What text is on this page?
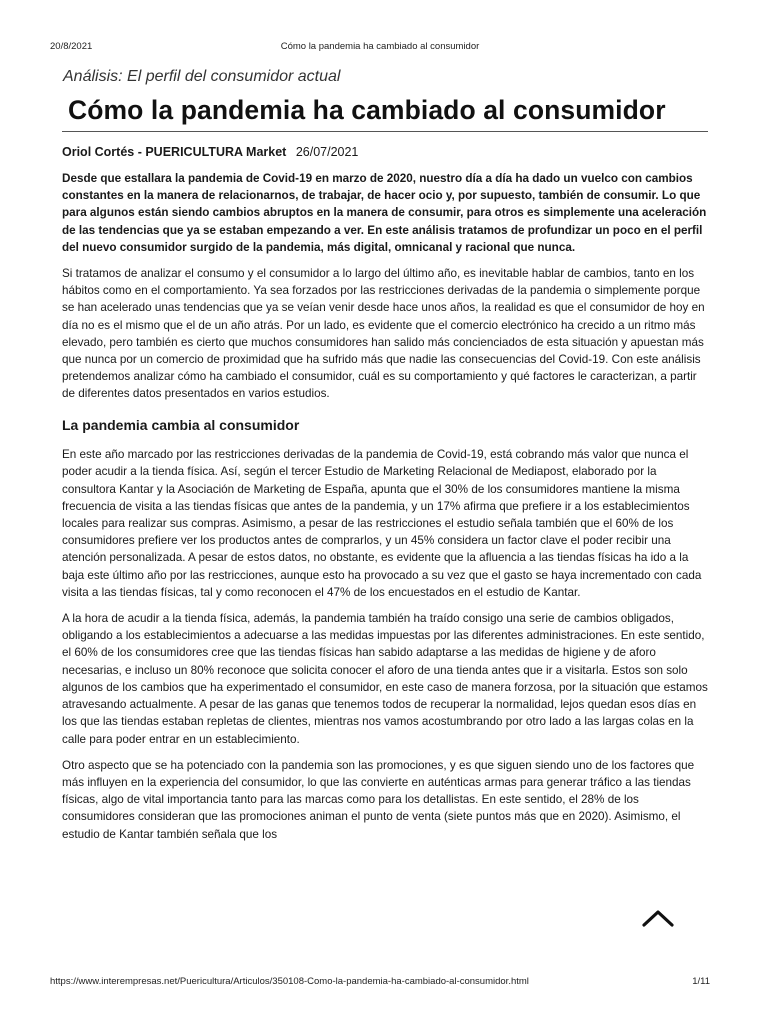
20/8/2021	Cómo la pandemia ha cambiado al consumidor

Análisis: El perfil del consumidor actual

Cómo la pandemia ha cambiado al consumidor
Oriol Cortés - PUERICULTURA Market 26/07/2021
Desde que estallara la pandemia de Covid-19 en marzo de 2020, nuestro día a día ha dado un vuelco con cambios constantes en la manera de relacionarnos, de trabajar, de hacer ocio y, por supuesto, también de consumir. Lo que para algunos están siendo cambios abruptos en la manera de consumir, para otros es simplemente una aceleración de las tendencias que ya se estaban empezando a ver. En este análisis tratamos de profundizar un poco en el perfil del nuevo consumidor surgido de la pandemia, más digital, omnicanal y racional que nunca.
Si tratamos de analizar el consumo y el consumidor a lo largo del último año, es inevitable hablar de cambios, tanto en los hábitos como en el comportamiento. Ya sea forzados por las restricciones derivadas de la pandemia o simplemente porque se han acelerado unas tendencias que ya se veían venir desde hace unos años, la realidad es que el consumidor de hoy en día no es el mismo que el de un año atrás. Por un lado, es evidente que el comercio electrónico ha crecido a un ritmo más elevado, pero también es cierto que muchos consumidores han salido más concienciados de esta situación y apuestan más que nunca por un comercio de proximidad que ha sufrido más que nadie las consecuencias del Covid-19. Con este análisis pretendemos analizar cómo ha cambiado el consumidor, cuál es su comportamiento y qué factores le caracterizan, a partir de diferentes datos presentados en varios estudios.
La pandemia cambia al consumidor
En este año marcado por las restricciones derivadas de la pandemia de Covid-19, está cobrando más valor que nunca el poder acudir a la tienda física. Así, según el tercer Estudio de Marketing Relacional de Mediapost, elaborado por la consultora Kantar y la Asociación de Marketing de España, apunta que el 30% de los consumidores mantiene la misma frecuencia de visita a las tiendas físicas que antes de la pandemia, y un 17% afirma que prefiere ir a los establecimientos locales para realizar sus compras. Asimismo, a pesar de las restricciones el estudio señala también que el 60% de los consumidores prefiere ver los productos antes de comprarlos, y un 45% considera un factor clave el poder recibir una atención personalizada. A pesar de estos datos, no obstante, es evidente que la afluencia a las tiendas físicas ha ido a la baja este último año por las restricciones, aunque esto ha provocado a su vez que el gasto se haya incrementado con cada visita a las tiendas físicas, tal y como reconocen el 47% de los encuestados en el estudio de Kantar.
A la hora de acudir a la tienda física, además, la pandemia también ha traído consigo una serie de cambios obligados, obligando a los establecimientos a adecuarse a las medidas impuestas por las diferentes administraciones. En este sentido, el 60% de los consumidores cree que las tiendas físicas han sabido adaptarse a las medidas de higiene y de aforo necesarias, e incluso un 80% reconoce que solicita conocer el aforo de una tienda antes que ir a visitarla. Estos son solo algunos de los cambios que ha experimentado el consumidor, en este caso de manera forzosa, por la situación que estamos atravesando actualmente. A pesar de las ganas que tenemos todos de recuperar la normalidad, lejos quedan esos días en los que las tiendas estaban repletas de clientes, mientras nos vamos acostumbrando por otro lado a las largas colas en la calle para poder entrar en un establecimiento.
Otro aspecto que se ha potenciado con la pandemia son las promociones, y es que siguen siendo uno de los factores que más influyen en la experiencia del consumidor, lo que las convierte en auténticas armas para generar tráfico a las tiendas físicas, algo de vital importancia tanto para las marcas como para los detallistas. En este sentido, el 28% de los consumidores consideran que las promociones animan el punto de venta (siete puntos más que en 2020). Asimismo, el estudio de Kantar también señala que los
https://www.interempresas.net/Puericultura/Articulos/350108-Como-la-pandemia-ha-cambiado-al-consumidor.html	1/11
